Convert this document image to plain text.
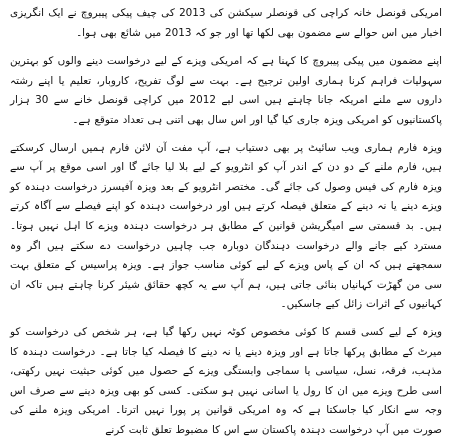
امریکی قونصل خانہ کراچی کی قونصلر سیکشن کی 2013 کی چیف پیکی پیبروچ نے ایک انگریزی اخبار میں اس حوالے سے مضمون بھی لکھا تھا اور جو کہ 2013 میں شائع بھی ہوا۔

اپنے مضمون میں پیکی پیبروچ کا کہنا ہے کہ امریکی ویزے کے لیے درخواست دینے والوں کو بہترین سہولیات فراہم کرنا ہماری اولین ترجیح ہے۔ بہت سے لوگ تفریح، کاروبار، تعلیم یا اپنے رشتہ داروں سے ملنے امریکہ جانا چاہتے ہیں اسی لیے 2012 میں کراچی قونصل خانے سے 30 ہزار پاکستانیوں کو امریکی ویزہ جاری کیا گیا اور اس سال بھی اتنی ہی تعداد متوقع ہے۔

ویزہ فارم ہماری ویب سائیٹ پر بھی دستیاب ہے، آپ مفت آن لائن فارم ہمیں ارسال کرسکتے ہیں، فارم ملنے کے دو دن کے اندر آپ کو انٹرویو کے لیے بلا لیا جائے گا اور اسی موقع پر آپ سے ویزہ فارم کی فیس وصول کی جائے گی۔ مختصر انٹرویو کے بعد ویزہ آفیسرز درخواست دہندہ کو ویزے دینے یا نہ دینے کے متعلق فیصلہ کرتے ہیں اور درخواست دہندہ کو اپنے فیصلے سے آگاہ کرتے ہیں۔ بد قسمتی سے امیگریشن قوانین کے مطابق ہر درخواست دہندہ ویزے کا اہل نہیں ہوتا۔ مسترد کیے جانے والے درخواست دہندگان دوبارہ جب چاہیں درخواست دے سکتے ہیں اگر وہ سمجھتے ہیں کہ ان کے پاس ویزے کے لیے کوئی مناسب جواز ہے۔ ویزہ پراسیس کے متعلق بہت سی من گھڑت کہانیاں بنائی جاتی ہیں، ہم آپ سے یہ کچھ حقائق شیئر کرنا چاہتے ہیں تاکہ ان کہانیوں کے اثرات زائل کیے جاسکیں۔

ویزہ کے لیے کسی قسم کا کوئی مخصوص کوٹہ نہیں رکھا گیا ہے، ہر شخص کی درخواست کو میرٹ کے مطابق پرکھا جاتا ہے اور ویزہ دینے یا نہ دینے کا فیصلہ کیا جاتا ہے۔ درخواست دہندہ کا مذہب، فرقہ، نسل، سیاسی یا سماجی وابستگی ویزے کے حصول میں کوئی حیثیت نہیں رکھتی، اسی طرح ویزے میں ان کا رول یا اسانی نہیں ہو سکتی۔ کسی کو بھی ویزہ دینے سے صرف اس وجہ سے انکار کیا جاسکتا ہے کہ وہ امریکی قوانین پر پورا نہیں اترتا۔ امریکی ویزہ ملنے کی صورت میں آپ درخواست دہندہ پاکستان سے اس کا مضبوط تعلق ثابت کرنے
